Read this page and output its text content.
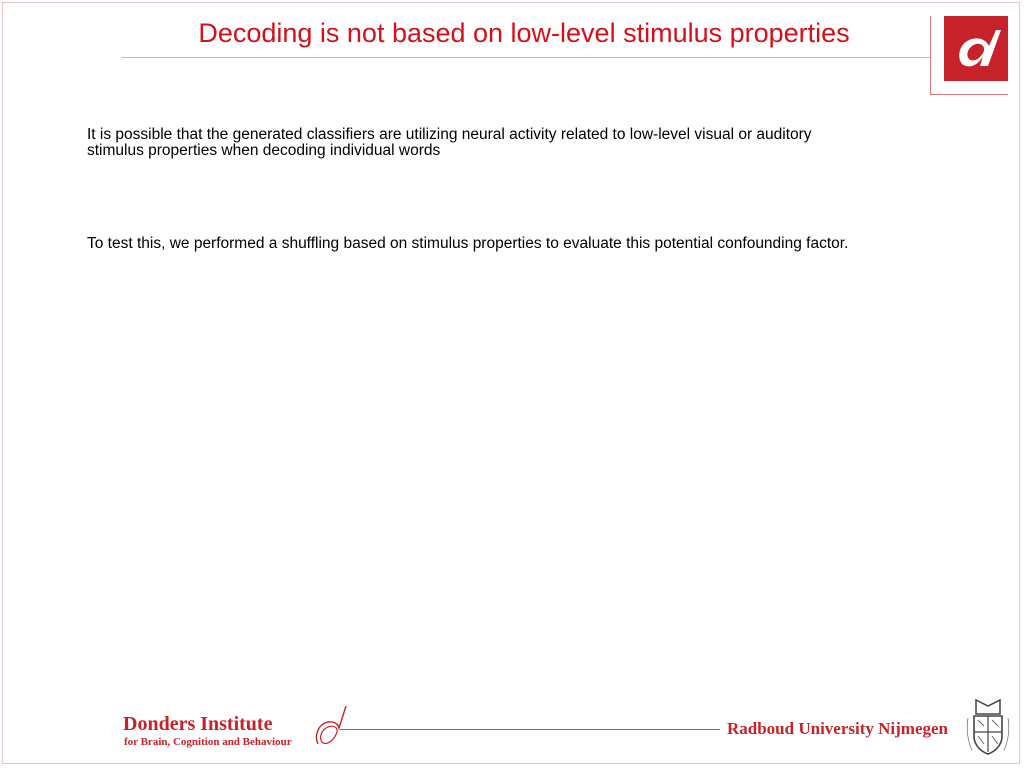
Decoding is not based on low-level stimulus properties
It is possible that the generated classifiers are utilizing neural activity related to low-level visual or auditory stimulus properties when decoding individual words
To test this, we performed a shuffling based on stimulus properties to evaluate this potential confounding factor.
Donders Institute
for Brain, Cognition and Behaviour
Radboud University Nijmegen
